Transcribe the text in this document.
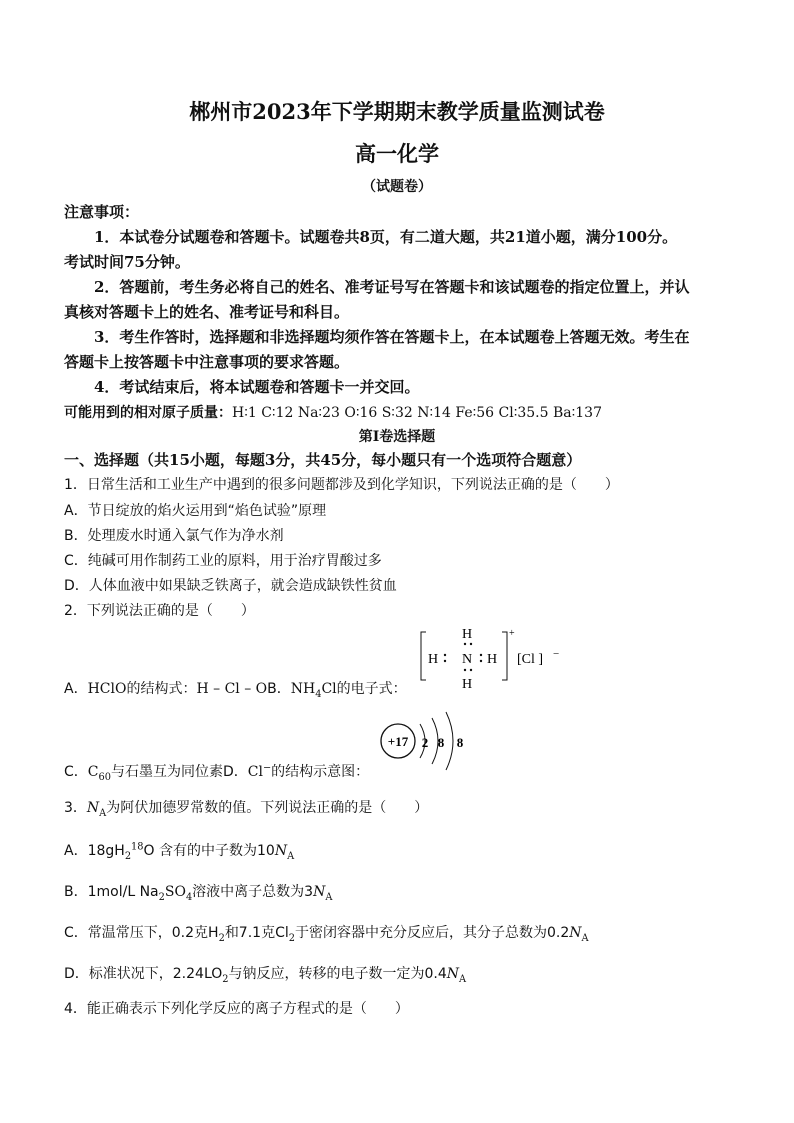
郴州市2023年下学期期末教学质量监测试卷
高一化学
（试题卷）
注意事项：
1．本试卷分试题卷和答题卡。试题卷共8页，有二道大题，共21道小题，满分100分。
考试时间75分钟。
2．答题前，考生务必将自己的姓名、准考证号写在答题卡和该试题卷的指定位置上，并认
真核对答题卡上的姓名、准考证号和科目。
3．考生作答时，选择题和非选择题均须作答在答题卡上，在本试题卷上答题无效。考生在
答题卡上按答题卡中注意事项的要求答题。
4．考试结束后，将本试题卷和答题卡一并交回。
可能用到的相对原子质量：H∶1 C∶12 Na∶23 O∶16 S∶32 N∶14 Fe∶56 Cl∶35.5 Ba∶137
第Ⅰ卷选择题
一、选择题（共15小题，每题3分，共45分，每小题只有一个选项符合题意）
1．日常生活和工业生产中遇到的很多问题都涉及到化学知识，下列说法正确的是（　　）
A．节日绽放的焰火运用到“焰色试验”原理
B．处理废水时通入氯气作为净水剂
C．纯碱可用作制药工业的原料，用于治疗胃酸过多
D．人体血液中如果缺乏铁离子，就会造成缺铁性贫血
2．下列说法正确的是（　　）
H
H N H
H
+
[Cl ] −
A．HClO的结构式：H – Cl – OB．$NH_4Cl$的电子式：
+17 2 8 8
C．$C_{60}$与石墨互为同位素D．Cl−的结构示意图：
3．$N_A$为阿伏加德罗常数的值。下列说法正确的是（　　）
A．$18gH_2^{18}O$ 含有的中子数为$10N_A$
B．1mol/L $Na_2SO_4$溶液中离子总数为$3N_A$
C．常温常压下，0.2克$H_2$和7.1克$Cl_2$于密闭容器中充分反应后，其分子总数为$0.2N_A$
D．标准状况下，$2.24LO_2$与钠反应，转移的电子数一定为$0.4N_A$
4．能正确表示下列化学反应的离子方程式的是（　　）
